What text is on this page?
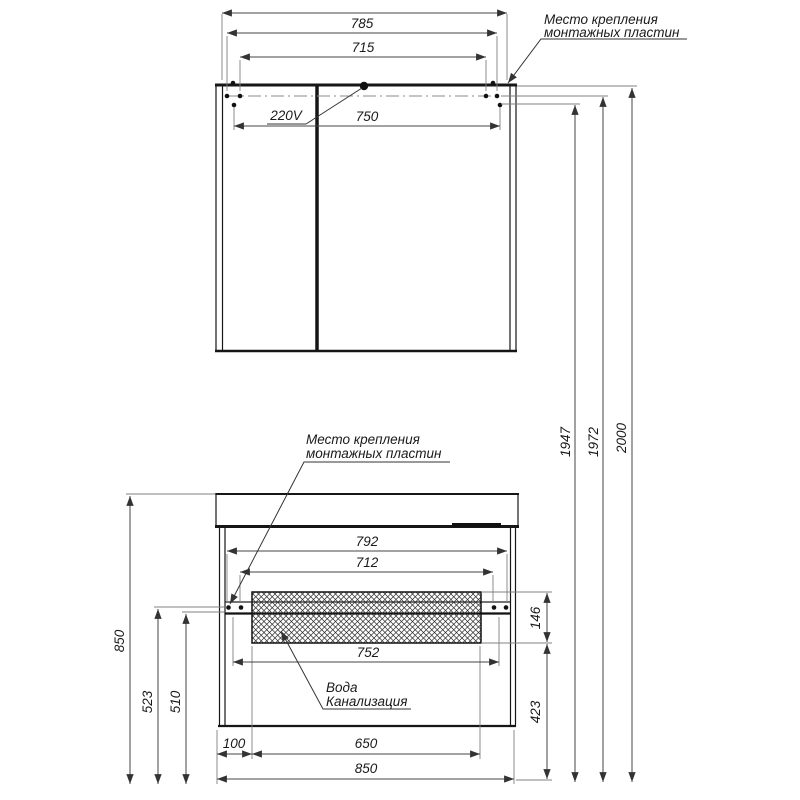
785
715
750
220V
Место крепления
монтажных пластин
2000
1972
1947
792
712
752
100	650
850
850
523 510
146
423
Место крепления
монтажных пластин
Вода
Канализация
